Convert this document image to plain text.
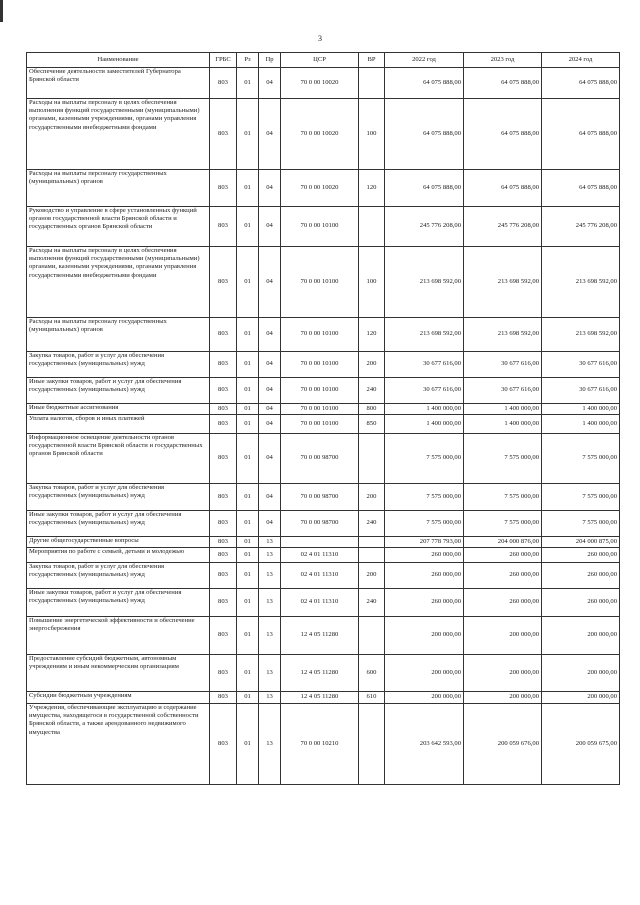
3
Наименование	ГРБС	Рз	Пр	ЦСР	ВР	2022 год	2023 год	2024 год
Обеспечение деятельности заместителей Губернатора Брянской области	803	01	04	70 0 00 10020		64 075 888,00	64 075 888,00	64 075 888,00
Расходы на выплаты персоналу в целях обеспечения выполнения функций государственными (муниципальными) органами, казенными учреждениями, органами управления государственными внебюджетными фондами	803	01	04	70 0 00 10020	100	64 075 888,00	64 075 888,00	64 075 888,00
Расходы на выплаты персоналу государственных (муниципальных) органов	803	01	04	70 0 00 10020	120	64 075 888,00	64 075 888,00	64 075 888,00
Руководство и управление в сфере установленных функций органов государственной власти Брянской области и государственных органов Брянской области	803	01	04	70 0 00 10100		245 776 208,00	245 776 208,00	245 776 208,00
Расходы на выплаты персоналу в целях обеспечения выполнения функций государственными (муниципальными) органами, казенными учреждениями, органами управления государственными внебюджетными фондами	803	01	04	70 0 00 10100	100	213 698 592,00	213 698 592,00	213 698 592,00
Расходы на выплаты персоналу государственных (муниципальных) органов	803	01	04	70 0 00 10100	120	213 698 592,00	213 698 592,00	213 698 592,00
Закупка товаров, работ и услуг для обеспечения государственных (муниципальных) нужд	803	01	04	70 0 00 10100	200	30 677 616,00	30 677 616,00	30 677 616,00
Иные закупки товаров, работ и услуг для обеспечения государственных (муниципальных) нужд	803	01	04	70 0 00 10100	240	30 677 616,00	30 677 616,00	30 677 616,00
Иные бюджетные ассигнования	803	01	04	70 0 00 10100	800	1 400 000,00	1 400 000,00	1 400 000,00
Уплата налогов, сборов и иных платежей	803	01	04	70 0 00 10100	850	1 400 000,00	1 400 000,00	1 400 000,00
Информационное освещение деятельности органов государственной власти Брянской области и государственных органов Брянской области	803	01	04	70 0 00 98700		7 575 000,00	7 575 000,00	7 575 000,00
Закупка товаров, работ и услуг для обеспечения государственных (муниципальных) нужд	803	01	04	70 0 00 98700	200	7 575 000,00	7 575 000,00	7 575 000,00
Иные закупки товаров, работ и услуг для обеспечения государственных (муниципальных) нужд	803	01	04	70 0 00 98700	240	7 575 000,00	7 575 000,00	7 575 000,00
Другие общегосударственные вопросы	803	01	13			207 778 793,00	204 000 876,00	204 000 875,00
Мероприятия по работе с семьей, детьми и молодежью	803	01	13	02 4 01 11310		260 000,00	260 000,00	260 000,00
Закупка товаров, работ и услуг для обеспечения государственных (муниципальных) нужд	803	01	13	02 4 01 11310	200	260 000,00	260 000,00	260 000,00
Иные закупки товаров, работ и услуг для обеспечения государственных (муниципальных) нужд	803	01	13	02 4 01 11310	240	260 000,00	260 000,00	260 000,00
Повышение энергетической эффективности и обеспечение энергосбережения	803	01	13	12 4 05 11280		200 000,00	200 000,00	200 000,00
Предоставление субсидий бюджетным, автономным учреждениям и иным некоммерческим организациям	803	01	13	12 4 05 11280	600	200 000,00	200 000,00	200 000,00
Субсидии бюджетным учреждениям	803	01	13	12 4 05 11280	610	200 000,00	200 000,00	200 000,00
Учреждения, обеспечивающие эксплуатацию и содержание имущества, находящегося в государственной собственности Брянской области, а также арендованного недвижимого имущества	803	01	13	70 0 00 10210		203 642 593,00	200 059 676,00	200 059 675,00
